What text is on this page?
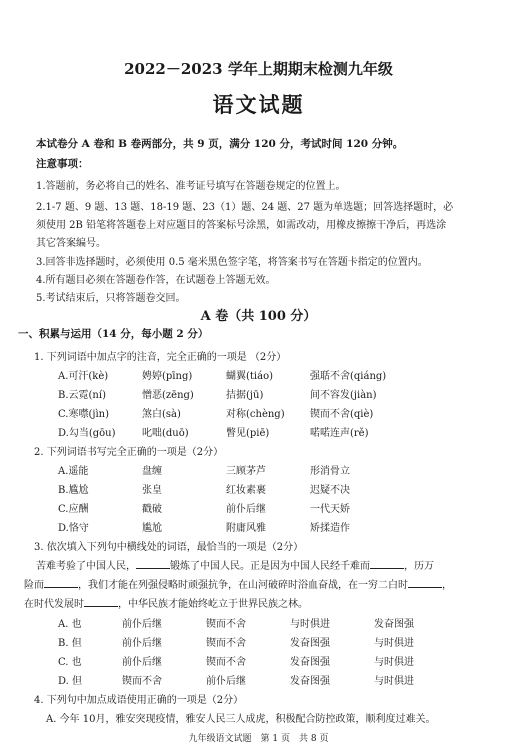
2022－2023 学年上期期末检测九年级
语文试题
本试卷分 A 卷和 B 卷两部分，共 9 页，满分 120 分，考试时间 120 分钟。
注意事项：
1.答题前，务必将自己的姓名、准考证号填写在答题卷规定的位置上。
2.1-7 题、9 题、13 题、18-19 题、23（1）题、24 题、27 题为单选题；回答选择题时，必
须使用 2B 铅笔将答题卷上对应题目的答案标号涂黑，如需改动，用橡皮擦擦干净后，再选涂
其它答案编号。
3.回答非选择题时，必须使用 0.5 毫米黑色签字笔，将答案书写在答题卡指定的位置内。
4.所有题目必须在答题卷作答，在试题卷上答题无效。
5.考试结束后，只将答题卷交回。
A 卷（共 100 分）
一、积累与运用（14 分，每小题 2 分）
1. 下列词语中加点字的注音，完全正确的一项是 （2分）
A.可汗(kè)	娉婷(pīng)	蝴翼(tiáo)	强聒不舍(qiáng)
B.云霓(ní)	憎恶(zēng)	拮据(jū)	间不容发(jiàn)
C.寒噤(jìn)	煞白(sà)	对称(chèng)	锲而不舍(qiè)
D.勾当(gōu)	叱咄(duō)	瞥见(piē)	喏喏连声(rě)
2. 下列词语书写完全正确的一项是（2分）
A.遥能	盘缠	三顾茅芦	形消骨立
B.尴尬	张皇	红妆素裹	迟疑不决
C.应酬	戳破	前仆后继	一代天娇
D.恪守	尴尬	附庸风雅	矫揉造作
3. 依次填入下列句中横线处的词语，最恰当的一项是（2分）
苦难考验了中国人民，	锻炼了中国人民。正是因为中国人民经千难而	，历万
险而	，我们才能在列强侵略时顽强抗争，在山河破碎时浴血奋战，在一穷二白时	，
在时代发展时	，中华民族才能始终屹立于世界民族之林。
A. 也	前仆后继	锲而不舍	与时俱进	发奋图强
B. 但	前仆后继	锲而不舍	发奋图强	与时俱进
C. 也	前仆后继	锲而不舍	发奋图强	与时俱进
D. 但	锲而不舍	前仆后继	发奋图强	与时俱进
4. 下列句中加点成语使用正确的一项是（2分）
A. 今年 10月，雅安突现疫情，雅安人民三人成虎，积极配合防控政策，顺利度过难关。
九年级语文试题　第 1 页　共 8 页
